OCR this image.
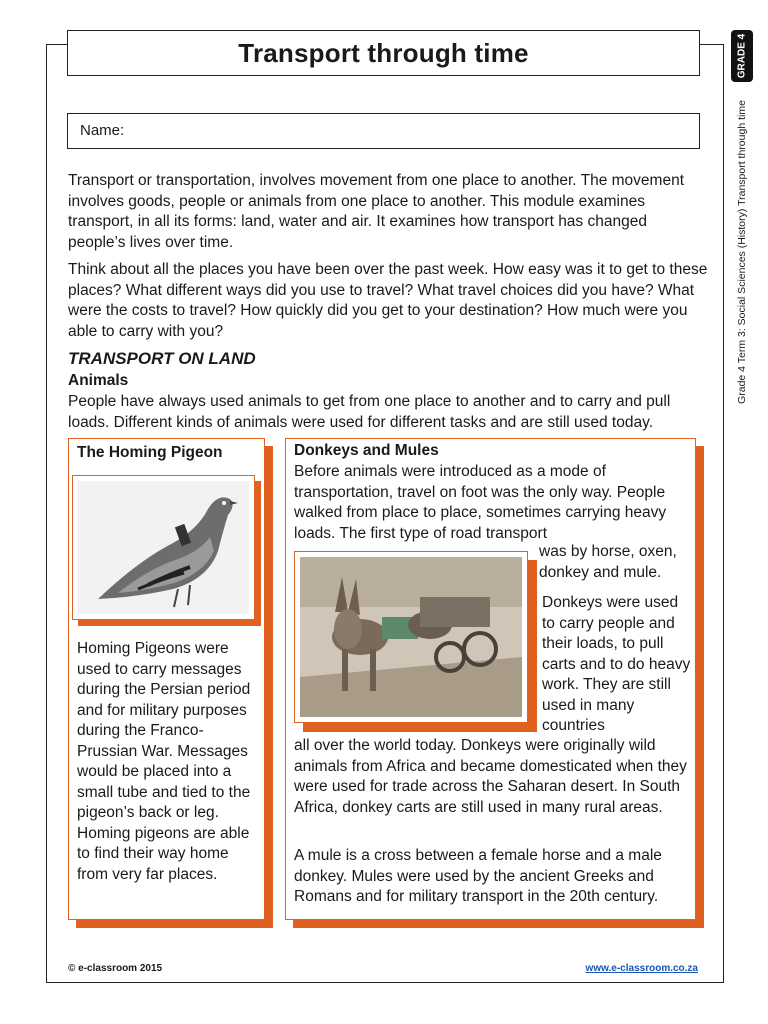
Transport through time	GRADE 4
Grade 4 Term 3: Social Sciences (History) Transport through time
Name:

Transport or transportation, involves movement from one place to another. The movement involves goods, people or animals from one place to another. This module examines transport, in all its forms: land, water and air. It examines how transport has changed people’s lives over time.

Think about all the places you have been over the past week. How easy was it to get to these places? What different ways did you use to travel? What travel choices did you have? What were the costs to travel? How quickly did you get to your destination? How much were you able to carry with you?

TRANSPORT ON LAND
Animals

People have always used animals to get from one place to another and to carry and pull loads. Different kinds of animals were used for different tasks and are still used today.

The Homing Pigeon

Homing Pigeons were used to carry messages during the Persian period and for military purposes during the Franco-Prussian War. Messages would be placed into a small tube and tied to the pigeon’s back or leg. Homing pigeons are able to find their way home from very far places.

Donkeys and Mules

Before animals were introduced as a mode of transportation, travel on foot was the only way. People walked from place to place, sometimes carrying heavy loads. The first type of road transport

was by horse, oxen, donkey and mule.

Donkeys were used to carry people and their loads, to pull carts and to do heavy work. They are still used in many countries

all over the world today. Donkeys were originally wild animals from Africa and became domesticated when they were used for trade across the Saharan desert. In South Africa, donkey carts are still used in many rural areas.

A mule is a cross between a female horse and a male donkey. Mules were used by the ancient Greeks and Romans and for military transport in the 20th century.

© e-classroom 2015	www.e-classroom.co.za
